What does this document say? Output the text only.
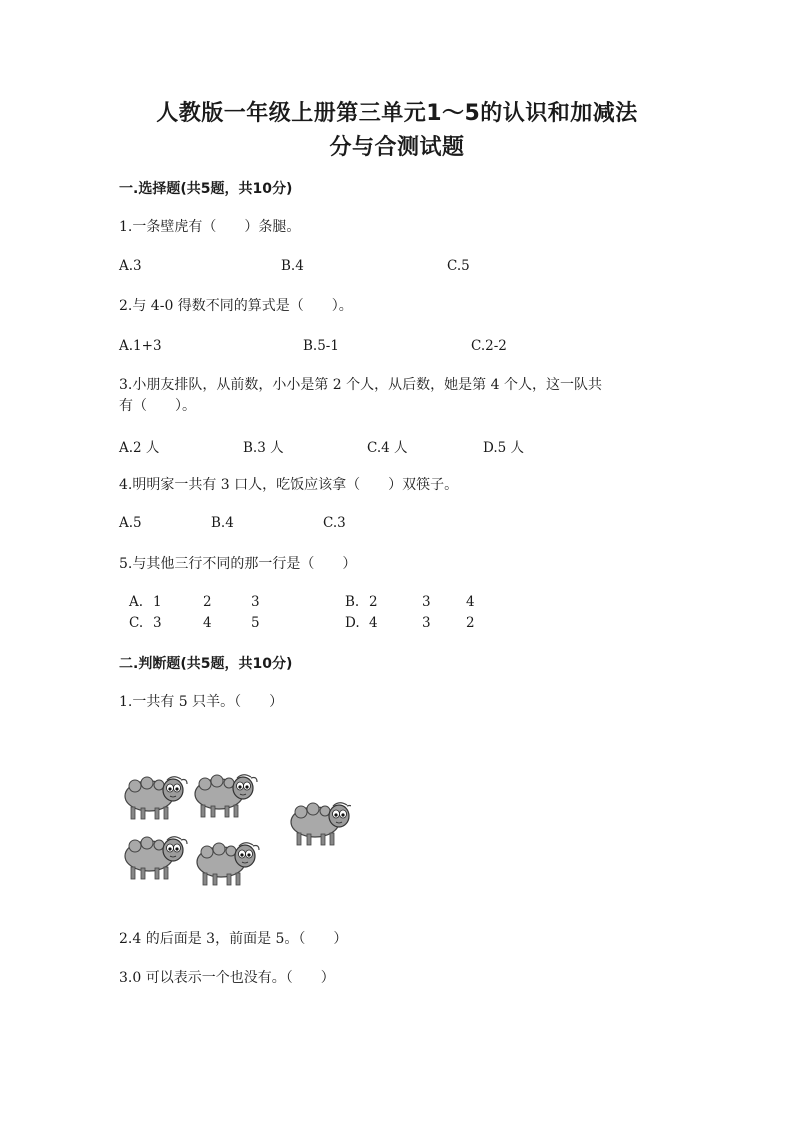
人教版一年级上册第三单元1～5的认识和加减法
分与合测试题
一.选择题(共5题，共10分)
1.一条壁虎有（　　）条腿。
A.3	B.4	C.5
2.与 4-0 得数不同的算式是（　　）。
A.1+3	B.5-1	C.2-2
3.小朋友排队，从前数，小小是第 2 个人，从后数，她是第 4 个人，这一队共
有（　　）。
A.2 人	B.3 人	C.4 人	D.5 人
4.明明家一共有 3 口人，吃饭应该拿（　　）双筷子。
A.5	B.4	C.3
5.与其他三行不同的那一行是（　　）
A. 1	2	3	B. 2	3	4
C. 3	4	5	D. 4	3	2
二.判断题(共5题，共10分)
1.一共有 5 只羊。（　　）
2.4 的后面是 3，前面是 5。（　　）
3.0 可以表示一个也没有。（　　）
